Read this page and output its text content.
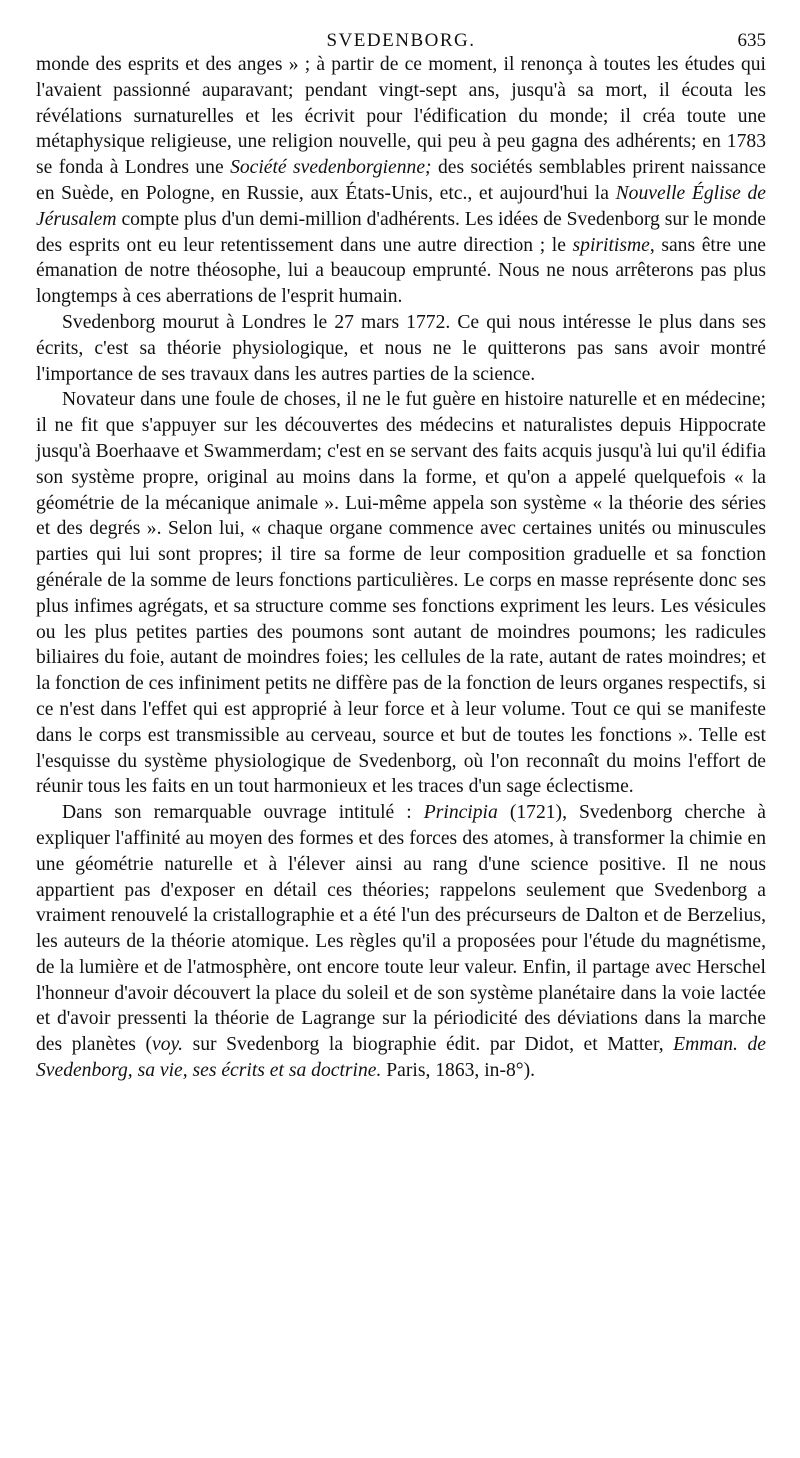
SVEDENBORG.	635

monde des esprits et des anges » ; à partir de ce moment, il renonça à toutes les études qui l'avaient passionné auparavant; pendant vingt-sept ans, jusqu'à sa mort, il écouta les révélations surnaturelles et les écrivit pour l'édification du monde; il créa toute une métaphysique religieuse, une religion nouvelle, qui peu à peu gagna des adhérents; en 1783 se fonda à Londres une Société svedenborgienne; des sociétés semblables prirent naissance en Suède, en Pologne, en Russie, aux États-Unis, etc., et aujourd'hui la Nouvelle Église de Jérusalem compte plus d'un demi-million d'adhérents. Les idées de Svedenborg sur le monde des esprits ont eu leur retentissement dans une autre direction ; le spiritisme, sans être une émanation de notre théosophe, lui a beaucoup emprunté. Nous ne nous arrêterons pas plus longtemps à ces aberrations de l'esprit humain.

Svedenborg mourut à Londres le 27 mars 1772. Ce qui nous intéresse le plus dans ses écrits, c'est sa théorie physiologique, et nous ne le quitterons pas sans avoir montré l'importance de ses travaux dans les autres parties de la science.

Novateur dans une foule de choses, il ne le fut guère en histoire naturelle et en médecine; il ne fit que s'appuyer sur les découvertes des médecins et naturalistes depuis Hippocrate jusqu'à Boerhaave et Swammerdam; c'est en se servant des faits acquis jusqu'à lui qu'il édifia son système propre, original au moins dans la forme, et qu'on a appelé quelquefois « la géométrie de la mécanique animale ». Lui-même appela son système « la théorie des séries et des degrés ». Selon lui, « chaque organe commence avec certaines unités ou minuscules parties qui lui sont propres; il tire sa forme de leur composition graduelle et sa fonction générale de la somme de leurs fonctions particulières. Le corps en masse représente donc ses plus infimes agrégats, et sa structure comme ses fonctions expriment les leurs. Les vésicules ou les plus petites parties des poumons sont autant de moindres poumons; les radicules biliaires du foie, autant de moindres foies; les cellules de la rate, autant de rates moindres; et la fonction de ces infiniment petits ne diffère pas de la fonction de leurs organes respectifs, si ce n'est dans l'effet qui est approprié à leur force et à leur volume. Tout ce qui se manifeste dans le corps est transmissible au cerveau, source et but de toutes les fonctions ». Telle est l'esquisse du système physiologique de Svedenborg, où l'on reconnaît du moins l'effort de réunir tous les faits en un tout harmonieux et les traces d'un sage éclectisme.

Dans son remarquable ouvrage intitulé : Principia (1721), Svedenborg cherche à expliquer l'affinité au moyen des formes et des forces des atomes, à transformer la chimie en une géométrie naturelle et à l'élever ainsi au rang d'une science positive. Il ne nous appartient pas d'exposer en détail ces théories; rappelons seulement que Svedenborg a vraiment renouvelé la cristallographie et a été l'un des précurseurs de Dalton et de Berzelius, les auteurs de la théorie atomique. Les règles qu'il a proposées pour l'étude du magnétisme, de la lumière et de l'atmosphère, ont encore toute leur valeur. Enfin, il partage avec Herschel l'honneur d'avoir découvert la place du soleil et de son système planétaire dans la voie lactée et d'avoir pressenti la théorie de Lagrange sur la périodicité des déviations dans la marche des planètes (voy. sur Svedenborg la biographie édit. par Didot, et Matter, Emman. de Svedenborg, sa vie, ses écrits et sa doctrine. Paris, 1863, in-8°).
